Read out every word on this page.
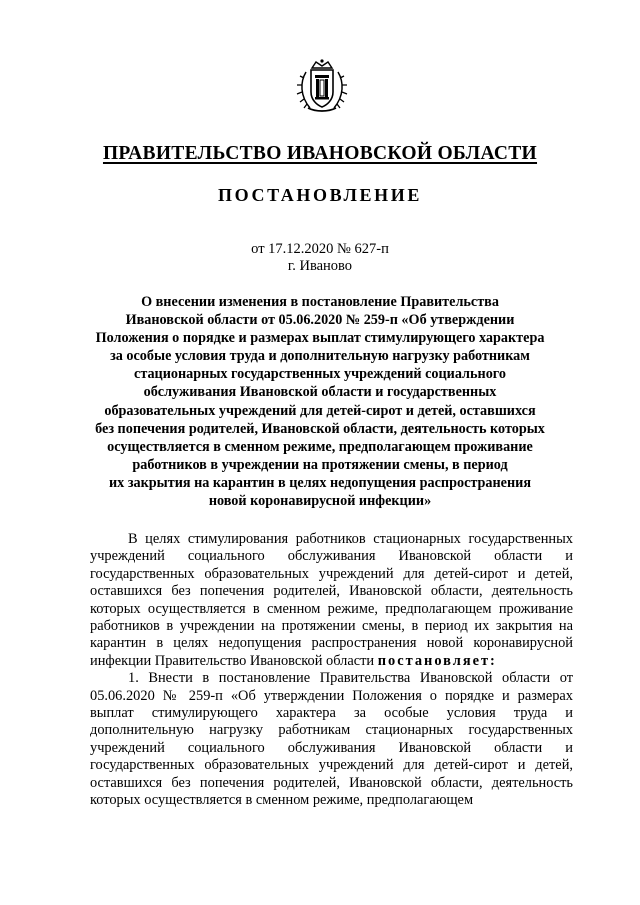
ПРАВИТЕЛЬСТВО ИВАНОВСКОЙ ОБЛАСТИ
ПОСТАНОВЛЕНИЕ
от 17.12.2020 № 627-п
г. Иваново
О внесении изменения в постановление Правительства
Ивановской области от 05.06.2020 № 259-п «Об утверждении
Положения о порядке и размерах выплат стимулирующего характера
за особые условия труда и дополнительную нагрузку работникам
стационарных государственных учреждений социального
обслуживания Ивановской области и государственных
образовательных учреждений для детей-сирот и детей, оставшихся
без попечения родителей, Ивановской области, деятельность которых
осуществляется в сменном режиме, предполагающем проживание
работников в учреждении на протяжении смены, в период
их закрытия на карантин в целях недопущения распространения
новой коронавирусной инфекции»

В целях стимулирования работников стационарных государственных учреждений социального обслуживания Ивановской области и государственных образовательных учреждений для детей-сирот и детей, оставшихся без попечения родителей, Ивановской области, деятельность которых осуществляется в сменном режиме, предполагающем проживание работников в учреждении на протяжении смены, в период их закрытия на карантин в целях недопущения распространения новой коронавирусной инфекции Правительство Ивановской области постановляет:

1. Внести в постановление Правительства Ивановской области от 05.06.2020 № 259-п «Об утверждении Положения о порядке и размерах выплат стимулирующего характера за особые условия труда и дополнительную нагрузку работникам стационарных государственных учреждений социального обслуживания Ивановской области и государственных образовательных учреждений для детей-сирот и детей, оставшихся без попечения родителей, Ивановской области, деятельность которых осуществляется в сменном режиме, предполагающем
